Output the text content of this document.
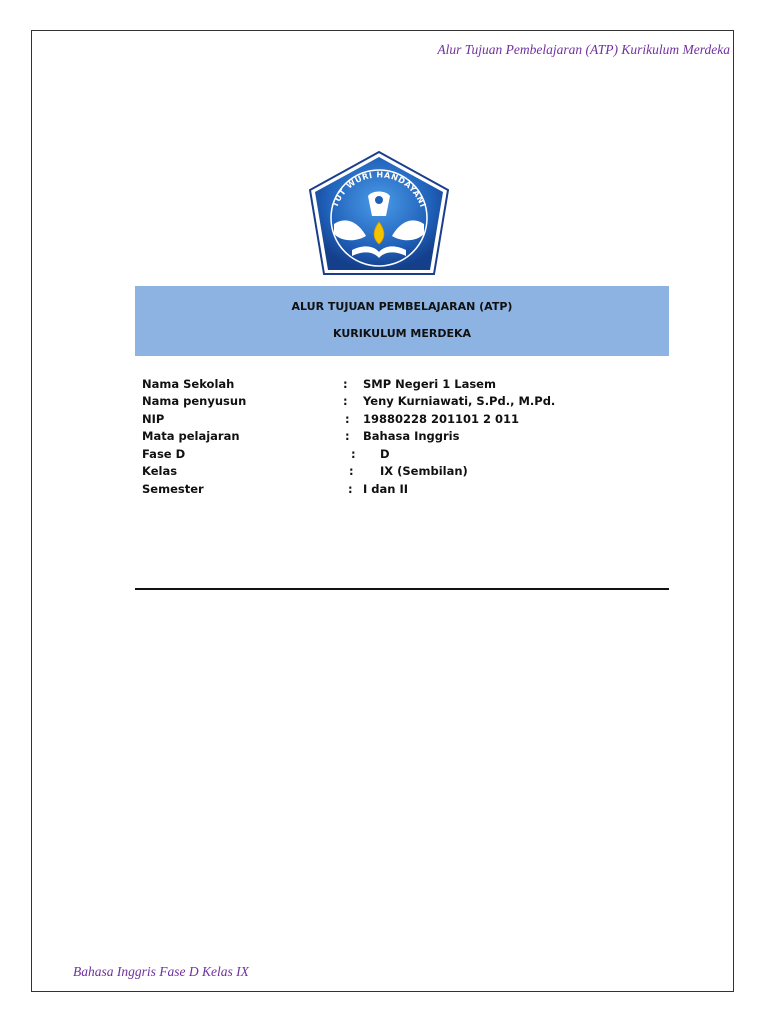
Alur Tujuan Pembelajaran (ATP) Kurikulum Merdeka
TUT WURI HANDAYANI
ALUR TUJUAN PEMBELAJARAN (ATP)
KURIKULUM MERDEKA
Nama Sekolah	: SMP Negeri 1 Lasem
Nama penyusun	: Yeny Kurniawati, S.Pd., M.Pd.
NIP	: 19880228 201101 2 011
Mata pelajaran	: Bahasa Inggris
Fase D	: D
Kelas	: IX (Sembilan)
Semester	: I dan II
Bahasa Inggris Fase D Kelas IX
